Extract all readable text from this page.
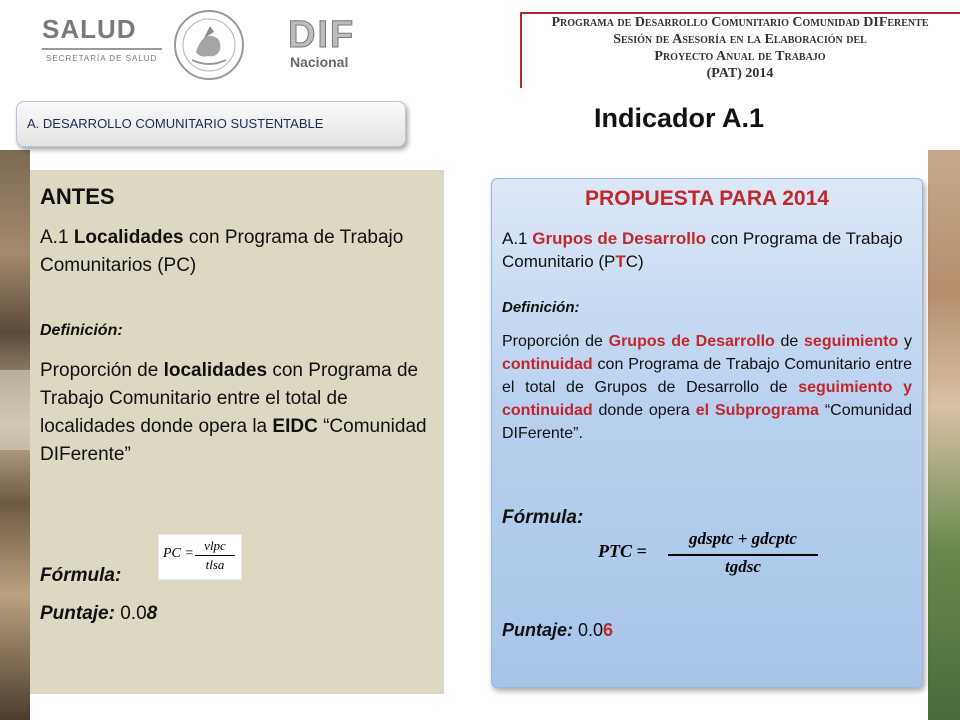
SALUD
SECRETARÍA DE SALUD
DIF
Nacional
Programa de Desarrollo Comunitario Comunidad DIFerente
Sesión de Asesoría en la Elaboración del
Proyecto Anual de Trabajo
(PAT) 2014
A. DESARROLLO COMUNITARIO SUSTENTABLE	Indicador A.1
ANTES
A.1 Localidades con Programa de Trabajo Comunitarios (PC)
Definición:
Proporción de localidades con Programa de Trabajo Comunitario entre el total de localidades donde opera la EIDC “Comunidad DIFerente”
PC =
vlpc
tlsa
Fórmula:
Puntaje: 0.08
PROPUESTA PARA 2014
A.1 Grupos de Desarrollo con Programa de Trabajo Comunitario (PTC)
Definición:
Proporción de Grupos de Desarrollo de seguimiento y continuidad con Programa de Trabajo Comunitario entre el total de Grupos de Desarrollo de seguimiento y continuidad donde opera el Subprograma “Comunidad DIFerente”.
Fórmula:
PTC =
gdsptc + gdcptc
tgdsc
Puntaje: 0.06
